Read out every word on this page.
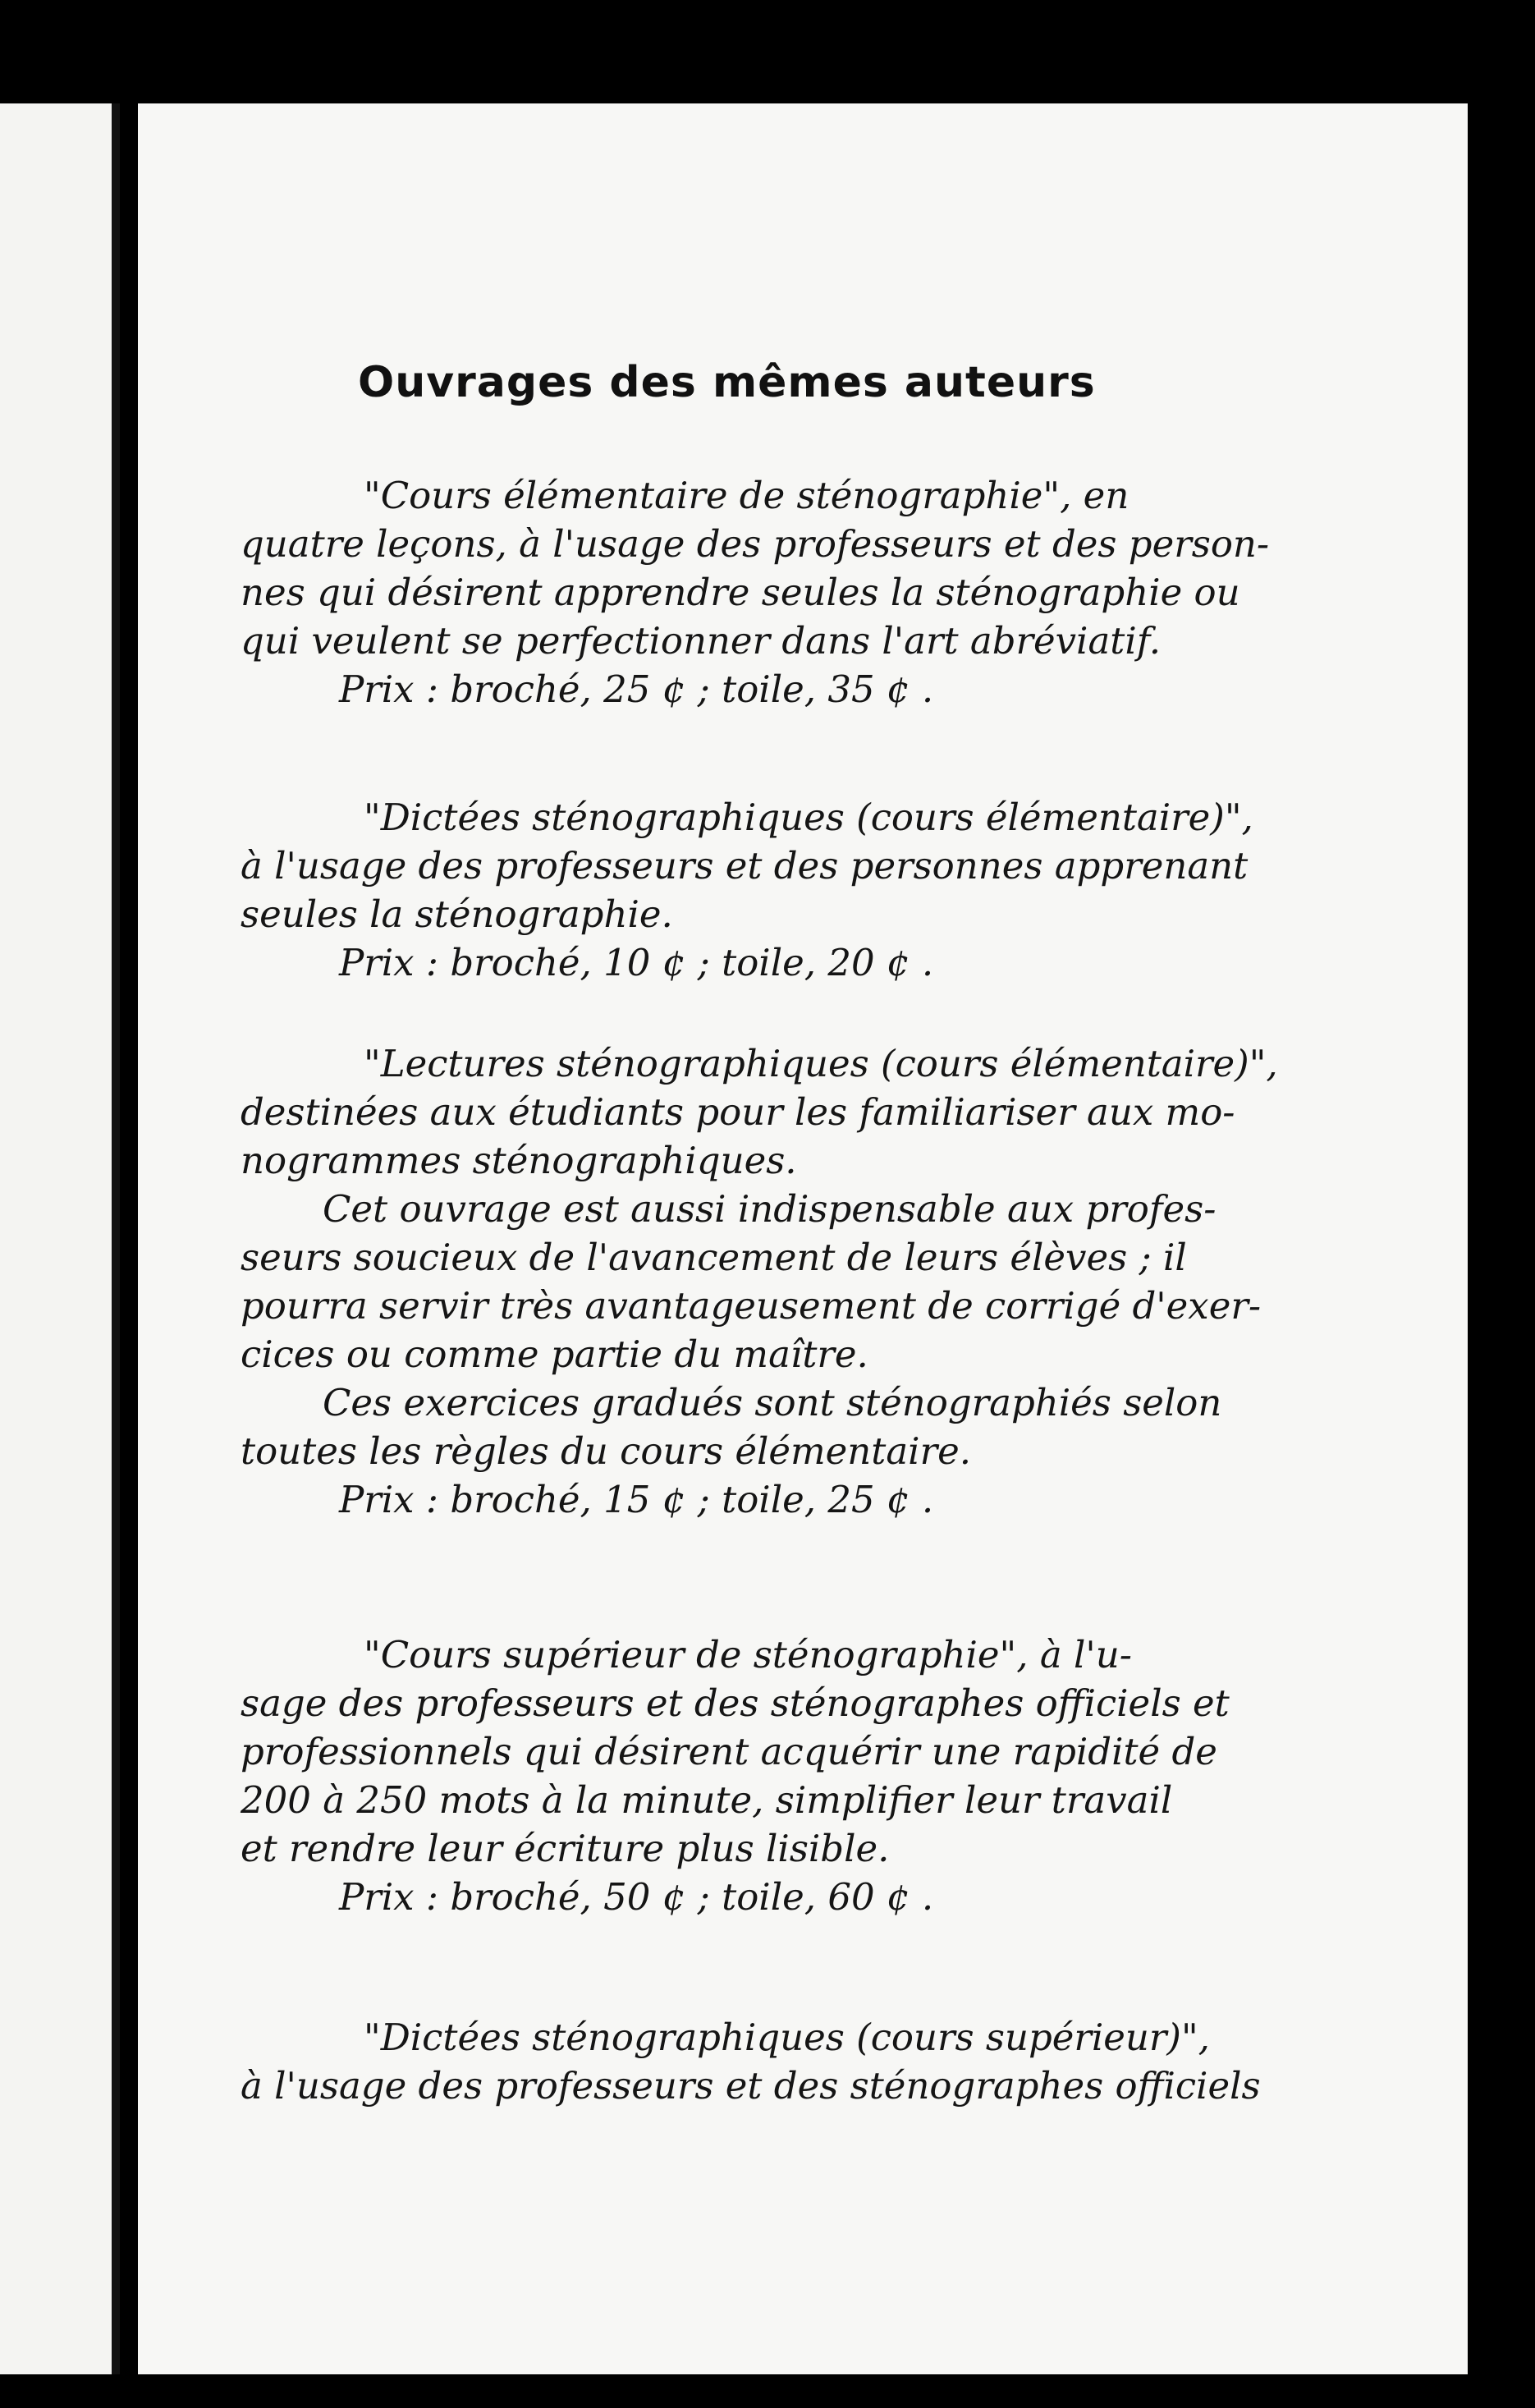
Ouvrages des mêmes auteurs
"Cours élémentaire de sténographie", en
quatre leçons, à l'usage des professeurs et des person-
nes qui désirent apprendre seules la sténographie ou
qui veulent se perfectionner dans l'art abréviatif.
Prix : broché, 25 ¢ ; toile, 35 ¢ .
"Dictées sténographiques (cours élémentaire)",
à l'usage des professeurs et des personnes apprenant
seules la sténographie.
Prix : broché, 10 ¢ ; toile, 20 ¢ .
"Lectures sténographiques (cours élémentaire)",
destinées aux étudiants pour les familiariser aux mo-
nogrammes sténographiques.
Cet ouvrage est aussi indispensable aux profes-
seurs soucieux de l'avancement de leurs élèves ; il
pourra servir très avantageusement de corrigé d'exer-
cices ou comme partie du maître.
Ces exercices gradués sont sténographiés selon
toutes les règles du cours élémentaire.
Prix : broché, 15 ¢ ; toile, 25 ¢ .
"Cours supérieur de sténographie", à l'u-
sage des professeurs et des sténographes officiels et
professionnels qui désirent acquérir une rapidité de
200 à 250 mots à la minute, simplifier leur travail
et rendre leur écriture plus lisible.
Prix : broché, 50 ¢ ; toile, 60 ¢ .
"Dictées sténographiques (cours supérieur)",
à l'usage des professeurs et des sténographes officiels
